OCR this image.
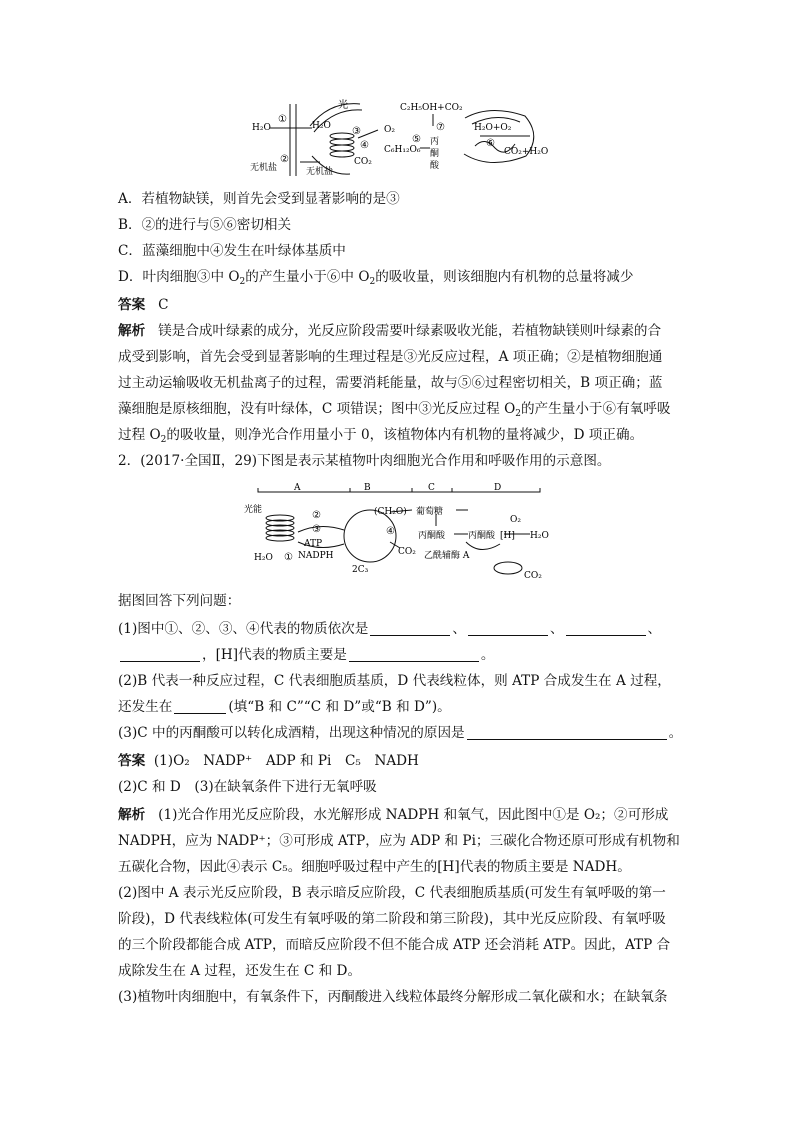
H₂O
①
光
H₂O ③	O₂
④
CO₂
C₆H₁₂O₆
⑤ 丙
酮
酸
⑦
C₂H₅OH+CO₂
H₂O+O₂
⑥
CO₂+H₂O
无机盐
②
无机盐
A．若植物缺镁，则首先会受到显著影响的是③
B．②的进行与⑤⑥密切相关
C．蓝藻细胞中④发生在叶绿体基质中
D．叶肉细胞③中 $O_2$的产生量小于⑥中 $O_2$的吸收量，则该细胞内有机物的总量将减少
答案 C
解析 镁是合成叶绿素的成分，光反应阶段需要叶绿素吸收光能，若植物缺镁则叶绿素的合
成受到影响，首先会受到显著影响的生理过程是③光反应过程，A 项正确；②是植物细胞通
过主动运输吸收无机盐离子的过程，需要消耗能量，故与⑤⑥过程密切相关，B 项正确；蓝
藻细胞是原核细胞，没有叶绿体，C 项错误；图中③光反应过程 $O_2$的产生量小于⑥有氧呼吸
过程 $O_2$的吸收量，则净光合作用量小于 0，该植物体内有机物的量将减少，D 项正确。
2．(2017·全国Ⅱ，29)下图是表示某植物叶肉细胞光合作用和呼吸作用的示意图。
A	B	C	D
光能	②
③	④
①
(CH₂O) 葡萄糖
ATP
NADPH
2C₃
CO₂
H₂O
丙酮酸	丙酮酸
O₂
[H] H₂O
乙酰辅酶 A
CO₂
据图回答下列问题：
(1)图中①、②、③、④代表的物质依次是	、	、	、
，[H]代表的物质主要是	。
(2)B 代表一种反应过程，C 代表细胞质基质，D 代表线粒体，则 ATP 合成发生在 A 过程，
还发生在	(填“B 和 C”“C 和 D”或“B 和 D”)。
(3)C 中的丙酮酸可以转化成酒精，出现这种情况的原因是	。
答案 (1)O₂　NADP⁺　ADP 和 Pi　C₅　NADH
(2)C 和 D　(3)在缺氧条件下进行无氧呼吸
解析 (1)光合作用光反应阶段，水光解形成 NADPH 和氧气，因此图中①是 O₂；②可形成
NADPH，应为 NADP⁺；③可形成 ATP，应为 ADP 和 Pi；三碳化合物还原可形成有机物和
五碳化合物，因此④表示 C₅。细胞呼吸过程中产生的[H]代表的物质主要是 NADH。
(2)图中 A 表示光反应阶段，B 表示暗反应阶段，C 代表细胞质基质(可发生有氧呼吸的第一
阶段)，D 代表线粒体(可发生有氧呼吸的第二阶段和第三阶段)，其中光反应阶段、有氧呼吸
的三个阶段都能合成 ATP，而暗反应阶段不但不能合成 ATP 还会消耗 ATP。因此，ATP 合
成除发生在 A 过程，还发生在 C 和 D。
(3)植物叶肉细胞中，有氧条件下，丙酮酸进入线粒体最终分解形成二氧化碳和水；在缺氧条
